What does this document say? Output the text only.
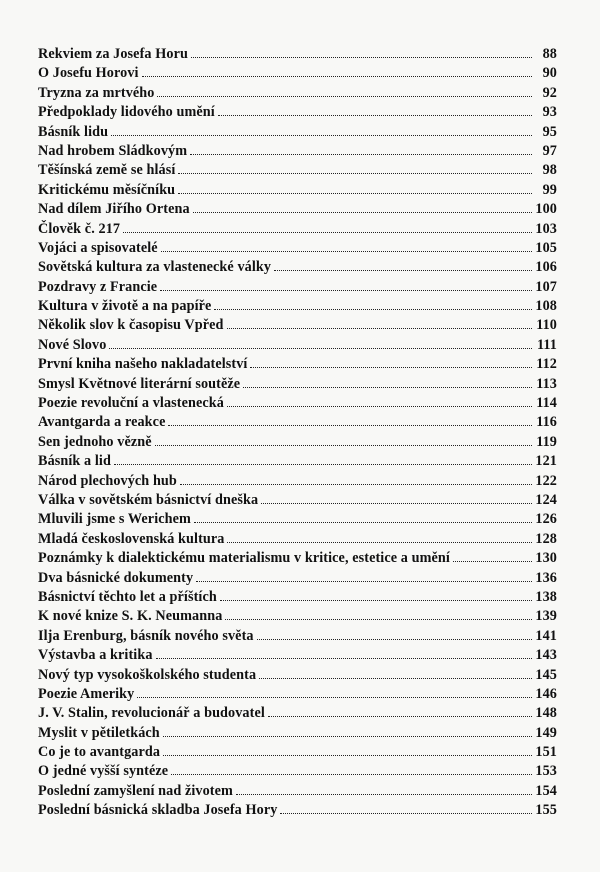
Rekviem za Josefa Horu	88
O Josefu Horovi	90
Tryzna za mrtvého	92
Předpoklady lidového umění	93
Básník lidu	95
Nad hrobem Sládkovým	97
Těšínská země se hlásí	98
Kritickému měsíčníku	99
Nad dílem Jiřího Ortena	100
Člověk č. 217	103
Vojáci a spisovatelé	105
Sovětská kultura za vlastenecké války	106
Pozdravy z Francie	107
Kultura v životě a na papíře	108
Několik slov k časopisu Vpřed	110
Nové Slovo	111
První kniha našeho nakladatelství	112
Smysl Květnové literární soutěže	113
Poezie revoluční a vlastenecká	114
Avantgarda a reakce	116
Sen jednoho vězně	119
Básník a lid	121
Národ plechových hub	122
Válka v sovětském básnictví dneška	124
Mluvili jsme s Werichem	126
Mladá československá kultura	128
Poznámky k dialektickému materialismu v kritice, estetice a umění	130
Dva básnické dokumenty	136
Básnictví těchto let a příštích	138
K nové knize S. K. Neumanna	139
Ilja Erenburg, básník nového světa	141
Výstavba a kritika	143
Nový typ vysokoškolského studenta	145
Poezie Ameriky	146
J. V. Stalin, revolucionář a budovatel	148
Myslit v pětiletkách	149
Co je to avantgarda	151
O jedné vyšší syntéze	153
Poslední zamyšlení nad životem	154
Poslední básnická skladba Josefa Hory	155
